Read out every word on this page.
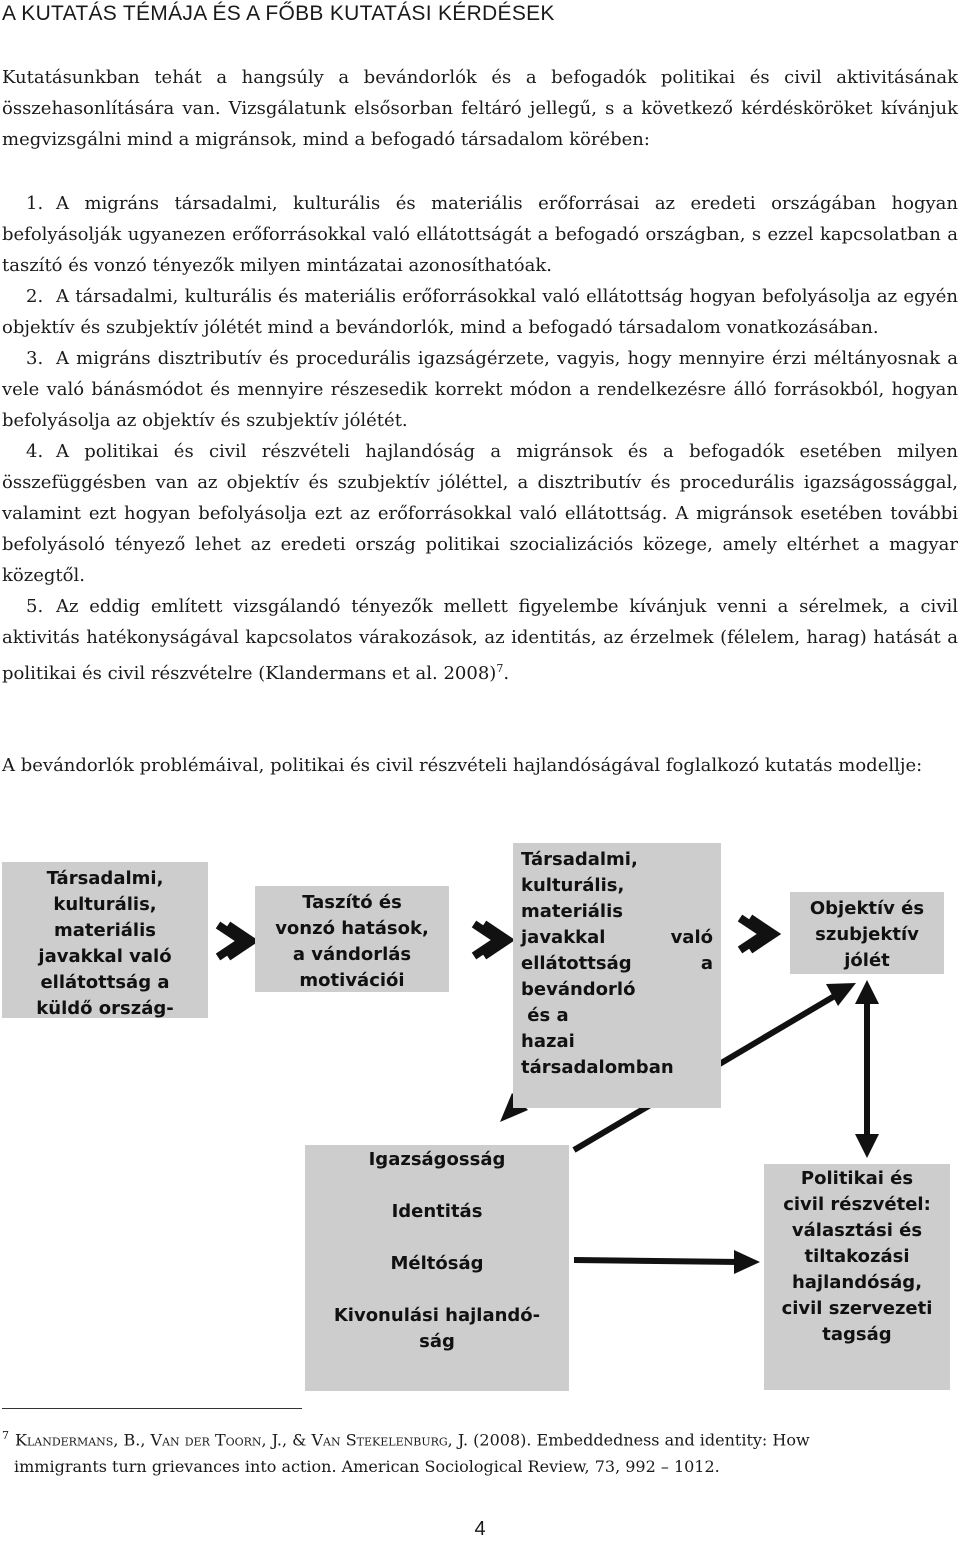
A KUTATÁS TÉMÁJA ÉS A FŐBB KUTATÁSI KÉRDÉSEK

Kutatásunkban tehát a hangsúly a bevándorlók és a befogadók politikai és civil aktivitásának összehasonlítására van. Vizsgálatunk elsősorban feltáró jellegű, s a következő kérdésköröket kívánjuk megvizsgálni mind a migránsok, mind a befogadó társadalom körében:

1. A migráns társadalmi, kulturális és materiális erőforrásai az eredeti országában hogyan befolyásolják ugyanezen erőforrásokkal való ellátottságát a befogadó országban, s ezzel kapcsolatban a taszító és vonzó tényezők milyen mintázatai azonosíthatóak.

2. A társadalmi, kulturális és materiális erőforrásokkal való ellátottság hogyan befolyásolja az egyén objektív és szubjektív jólétét mind a bevándorlók, mind a befogadó társadalom vonatkozásában.

3. A migráns disztributív és procedurális igazságérzete, vagyis, hogy mennyire érzi méltányosnak a vele való bánásmódot és mennyire részesedik korrekt módon a rendelkezésre álló forrásokból, hogyan befolyásolja az objektív és szubjektív jólétét.

4. A politikai és civil részvételi hajlandóság a migránsok és a befogadók esetében milyen összefüggésben van az objektív és szubjektív jóléttel, a disztributív és procedurális igazságossággal, valamint ezt hogyan befolyásolja ezt az erőforrásokkal való ellátottság. A migránsok esetében további befolyásoló tényező lehet az eredeti ország politikai szocializációs közege, amely eltérhet a magyar közegtől.

5. Az eddig említett vizsgálandó tényezők mellett figyelembe kívánjuk venni a sérelmek, a civil aktivitás hatékonyságával kapcsolatos várakozások, az identitás, az érzelmek (félelem, harag) hatását a politikai és civil részvételre (Klandermans et al. 2008)$^7$.

A bevándorlók problémáival, politikai és civil részvételi hajlandóságával foglalkozó kutatás modellje:

Társadalmi,
kulturális,
materiális
javakkal való
ellátottság a
küldő ország-
Taszító és
vonzó hatások,
a vándorlás
motivációi
Társadalmi,
kulturális,
materiális
javakkal	való
ellátottság	a
bevándorló
és a
hazai
társadalomban
Objektív és
szubjektív
jólét
Igazságosság
Identitás
Méltóság
Kivonulási hajlandó-
ság
Politikai és
civil részvétel:
választási és
tiltakozási
hajlandóság,
civil szervezeti
tagság
$^7$ Klandermans, B., Van der Toorn, J., & Van Stekelenburg, J. (2008). Embeddedness and identity: How
immigrants turn grievances into action. American Sociological Review, 73, 992 – 1012.
4
